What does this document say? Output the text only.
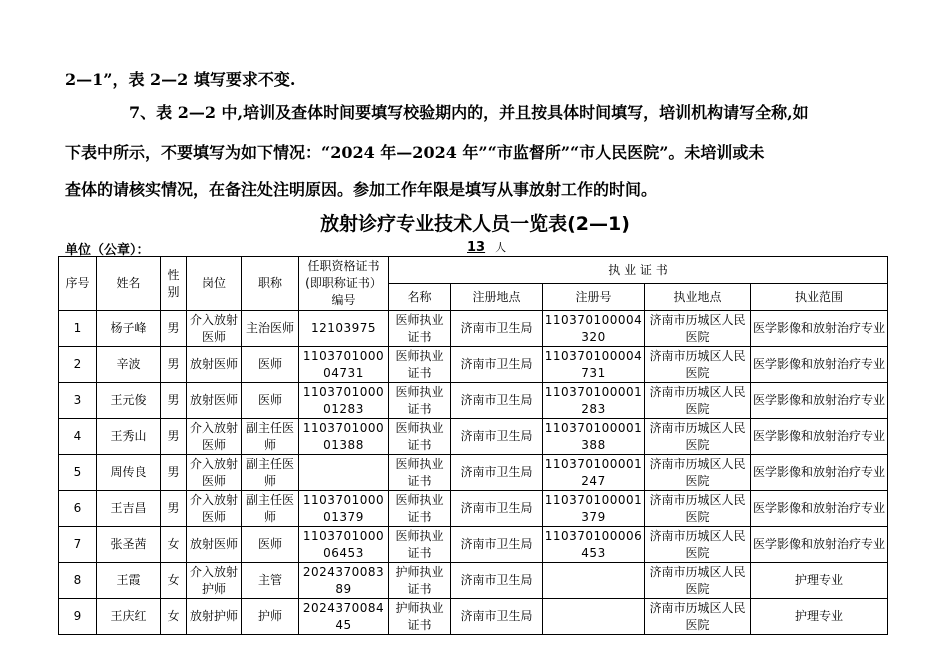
2—1”，表 2—2 填写要求不变.

7、表 2—2 中,培训及查体时间要填写校验期内的，并且按具体时间填写，培训机构请写全称,如

下表中所示，不要填写为如下情况：“2024 年—2024 年”“市监督所”“市人民医院”。未培训或未

查体的请核实情况，在备注处注明原因。参加工作年限是填写从事放射工作的时间。

放射诊疗专业技术人员一览表(2—1)
单位（公章）：	13 人
序号	姓名	性别	岗位	职称	任职资格证书(即职称证书）编号	执 业 证 书				
						名称	注册地点	注册号	执业地点	执业范围
1	杨子峰	男	介入放射医师	主治医师	12103975	医师执业证书	济南市卫生局	110370100004320	济南市历城区人民医院	医学影像和放射治疗专业
2	辛波	男	放射医师	医师	110370100004731	医师执业证书	济南市卫生局	110370100004731	济南市历城区人民医院	医学影像和放射治疗专业
3	王元俊	男	放射医师	医师	110370100001283	医师执业证书	济南市卫生局	110370100001283	济南市历城区人民医院	医学影像和放射治疗专业
4	王秀山	男	介入放射医师	副主任医师	110370100001388	医师执业证书	济南市卫生局	110370100001388	济南市历城区人民医院	医学影像和放射治疗专业
5	周传良	男	介入放射医师	副主任医师		医师执业证书	济南市卫生局	110370100001247	济南市历城区人民医院	医学影像和放射治疗专业
6	王吉昌	男	介入放射医师	副主任医师	110370100001379	医师执业证书	济南市卫生局	110370100001379	济南市历城区人民医院	医学影像和放射治疗专业
7	张圣茜	女	放射医师	医师	110370100006453	医师执业证书	济南市卫生局	110370100006453	济南市历城区人民医院	医学影像和放射治疗专业
8	王霞	女	介入放射护师	主管	202437008389	护师执业证书	济南市卫生局		济南市历城区人民医院	护理专业
9	王庆红	女	放射护师	护师	202437008445	护师执业证书	济南市卫生局		济南市历城区人民医院	护理专业
